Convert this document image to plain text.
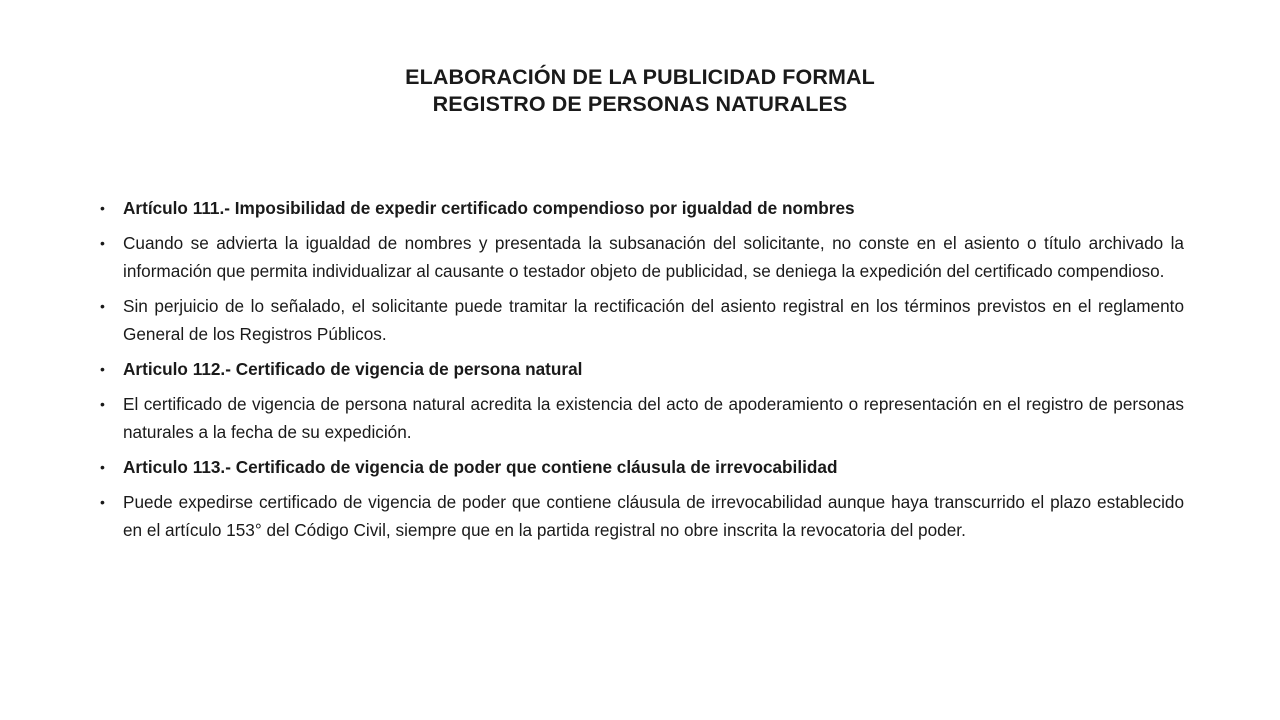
ELABORACIÓN DE LA PUBLICIDAD FORMAL
REGISTRO DE PERSONAS NATURALES
•	Artículo 111.- Imposibilidad de expedir certificado compendioso por igualdad de nombres
•	Cuando se advierta la igualdad de nombres y presentada la subsanación del solicitante, no conste en el asiento o título archivado la información que permita individualizar al causante o testador objeto de publicidad, se deniega la expedición del certificado compendioso.
•	Sin perjuicio de lo señalado, el solicitante puede tramitar la rectificación del asiento registral en los términos previstos en el reglamento General de los Registros Públicos.
•	Articulo 112.- Certificado de vigencia de persona natural
•	El certificado de vigencia de persona natural acredita la existencia del acto de apoderamiento o representación en el registro de personas naturales a la fecha de su expedición.
•	Articulo 113.- Certificado de vigencia de poder que contiene cláusula de irrevocabilidad
•	Puede expedirse certificado de vigencia de poder que contiene cláusula de irrevocabilidad aunque haya transcurrido el plazo establecido en el artículo 153° del Código Civil, siempre que en la partida registral no obre inscrita la revocatoria del poder.
